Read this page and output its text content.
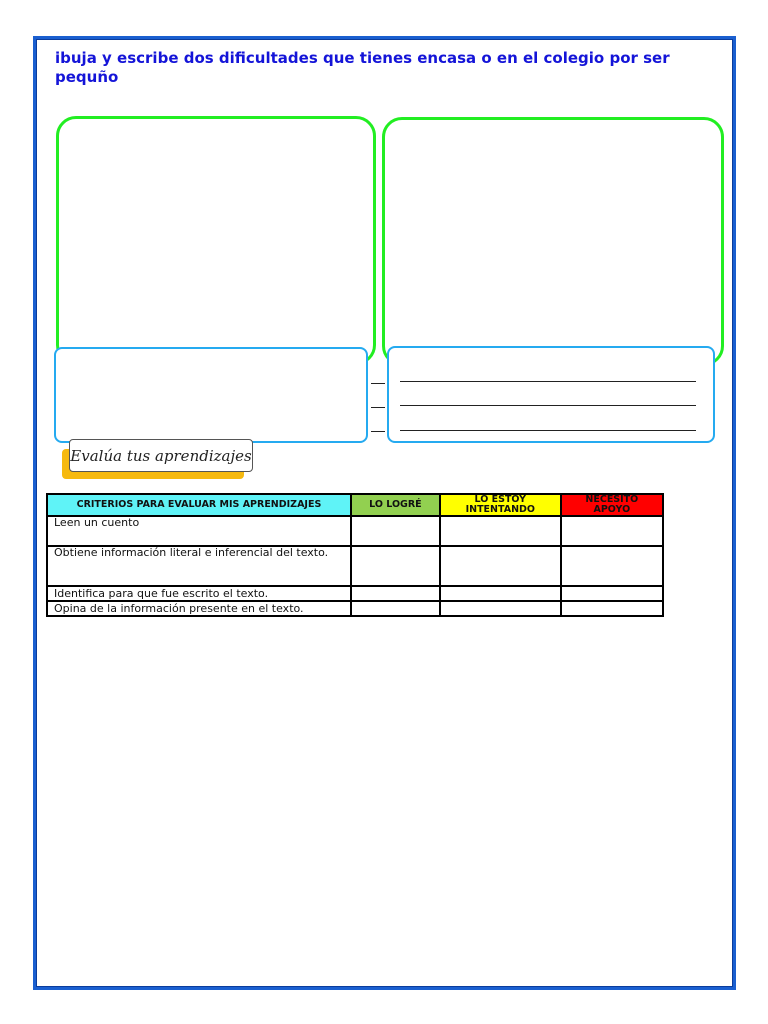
ibuja y escribe dos dificultades que tienes encasa o en el colegio por ser pequño
Evalúa tus aprendizajes
CRITERIOS PARA EVALUAR MIS APRENDIZAJES	LO LOGRÉ	LO ESTOY INTENTANDO	NECESITO APOYO
Leen un cuento			
Obtiene información literal e inferencial del texto.			
Identifica para que fue escrito el texto.			
Opina de la información presente en el texto.			
